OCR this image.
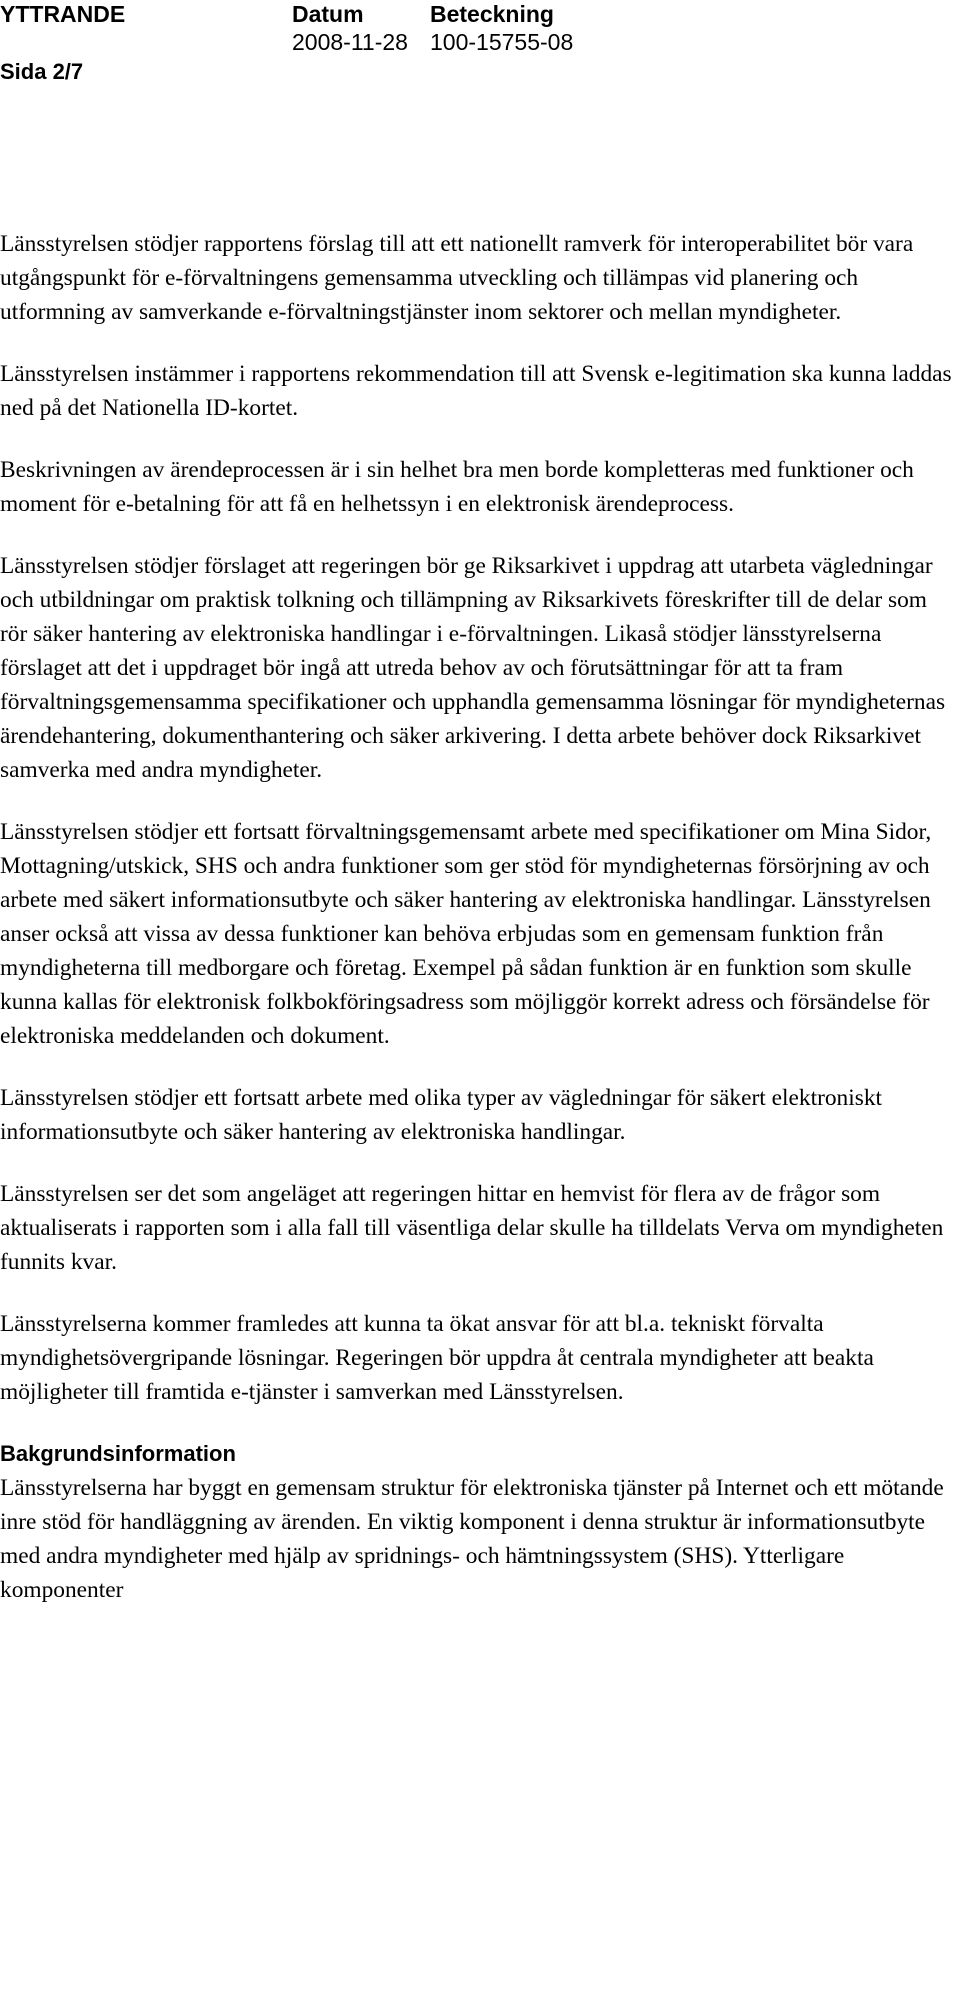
YTTRANDE	Datum	Beteckning
2008-11-28 100-15755-08
Sida 2/7

Länsstyrelsen stödjer rapportens förslag till att ett nationellt ramverk för interoperabilitet bör vara utgångspunkt för e-förvaltningens gemensamma utveckling och tillämpas vid planering och utformning av samverkande e-förvaltningstjänster inom sektorer och mellan myndigheter.

Länsstyrelsen instämmer i rapportens rekommendation till att Svensk e-legitimation ska kunna laddas ned på det Nationella ID-kortet.

Beskrivningen av ärendeprocessen är i sin helhet bra men borde kompletteras med funktioner och moment för e-betalning för att få en helhetssyn i en elektronisk ärendeprocess.

Länsstyrelsen stödjer förslaget att regeringen bör ge Riksarkivet i uppdrag att utarbeta vägledningar och utbildningar om praktisk tolkning och tillämpning av Riksarkivets föreskrifter till de delar som rör säker hantering av elektroniska handlingar i e-förvaltningen. Likaså stödjer länsstyrelserna förslaget att det i uppdraget bör ingå att utreda behov av och förutsättningar för att ta fram förvaltningsgemensamma specifikationer och upphandla gemensamma lösningar för myndigheternas ärendehantering, dokumenthantering och säker arkivering. I detta arbete behöver dock Riksarkivet samverka med andra myndigheter.

Länsstyrelsen stödjer ett fortsatt förvaltningsgemensamt arbete med specifikationer om Mina Sidor, Mottagning/utskick, SHS och andra funktioner som ger stöd för myndigheternas försörjning av och arbete med säkert informationsutbyte och säker hantering av elektroniska handlingar. Länsstyrelsen anser också att vissa av dessa funktioner kan behöva erbjudas som en gemensam funktion från myndigheterna till medborgare och företag. Exempel på sådan funktion är en funktion som skulle kunna kallas för elektronisk folkbokföringsadress som möjliggör korrekt adress och försändelse för elektroniska meddelanden och dokument.

Länsstyrelsen stödjer ett fortsatt arbete med olika typer av vägledningar för säkert elektroniskt informationsutbyte och säker hantering av elektroniska handlingar.

Länsstyrelsen ser det som angeläget att regeringen hittar en hemvist för flera av de frågor som aktualiserats i rapporten som i alla fall till väsentliga delar skulle ha tilldelats Verva om myndigheten funnits kvar.

Länsstyrelserna kommer framledes att kunna ta ökat ansvar för att bl.a. tekniskt förvalta myndighetsövergripande lösningar. Regeringen bör uppdra åt centrala myndigheter att beakta möjligheter till framtida e-tjänster i samverkan med Länsstyrelsen.

Bakgrundsinformation

Länsstyrelserna har byggt en gemensam struktur för elektroniska tjänster på Internet och ett mötande inre stöd för handläggning av ärenden. En viktig komponent i denna struktur är informationsutbyte med andra myndigheter med hjälp av spridnings- och hämtningssystem (SHS). Ytterligare komponenter
